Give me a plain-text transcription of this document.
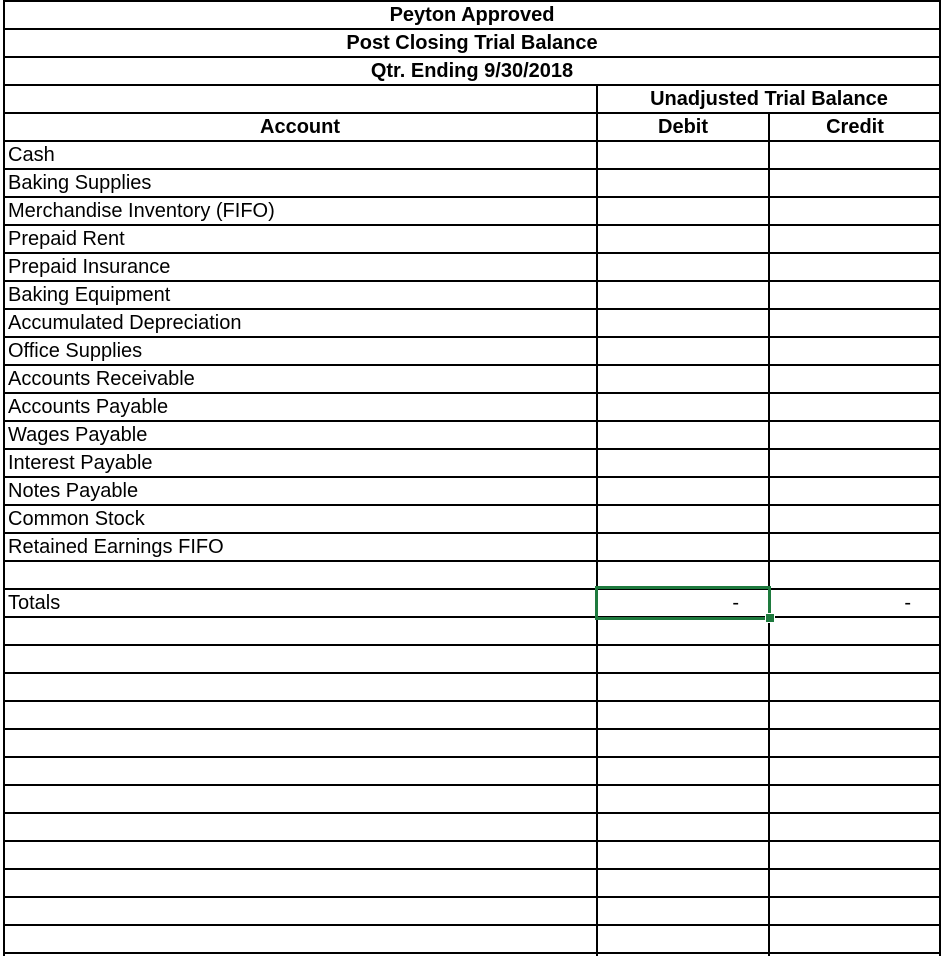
Peyton Approved
Post Closing Trial Balance
Qtr. Ending 9/30/2018
Unadjusted Trial Balance
Account	Debit	Credit
Cash
Baking Supplies
Merchandise Inventory (FIFO)
Prepaid Rent
Prepaid Insurance
Baking Equipment
Accumulated Depreciation
Office Supplies
Accounts Receivable
Accounts Payable
Wages Payable
Interest Payable
Notes Payable
Common Stock
Retained Earnings FIFO
Totals	-	-
